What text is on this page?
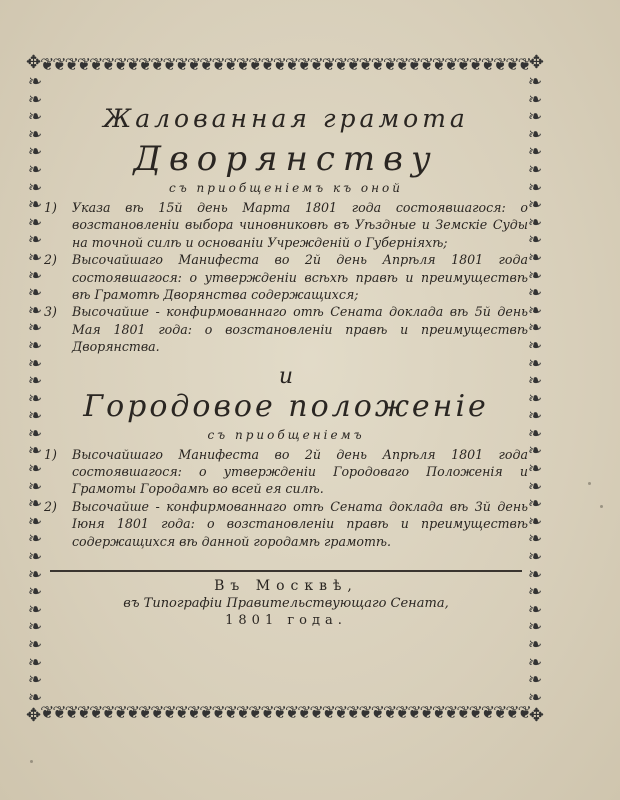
❦❦❦❦❦❦❦❦❦❦❦❦❦❦❦❦❦❦❦❦❦❦❦❦❦❦❦❦❦❦❦❦❦❦❦❦❦❦❦❦
❦❦❦❦❦❦❦❦❦❦❦❦❦❦❦❦❦❦❦❦❦❦❦❦❦❦❦❦❦❦❦❦❦❦❦❦❦❦❦❦
❧
❧
❧
❧
❧
❧
❧
❧
❧
❧
❧
❧
❧
❧
❧
❧
❧
❧
❧
❧
❧
❧
❧
❧
❧
❧
❧
❧
❧
❧
❧
❧
❧
❧
❧
❧

❧
❧
❧
❧
❧
❧
❧
❧
❧
❧
❧
❧
❧
❧
❧
❧
❧
❧
❧
❧
❧
❧
❧
❧
❧
❧
❧
❧
❧
❧
❧
❧
❧
❧
❧
❧

✥	✥
✥	✥
Жалованная грамота
Дворянству
съ приобщеніемъ къ оной
1)	Указа вѣ 15й день Марта 1801 года состоявшагося: о возстановленіи выбора чиновниковѣ въ Уѣздные и Земскіе Суды на точной силѣ и основаніи Учрежденій о Губерніяхѣ;
2)	Высочайшаго Манифеста во 2й день Апрѣля 1801 года состоявшагося: о утвержденіи всѣхѣ правѣ и преимуществѣ вѣ Грамотѣ Дворянства содержащихся;
3)	Высочайше - конфирмованнаго отѣ Сената доклада вѣ 5й день Мая 1801 года: о возстановленіи правѣ и преимуществѣ Дворянства.
и
Городовое положеніе
съ приобщеніемъ
1)	Высочайшаго Манифеста во 2й день Апрѣля 1801 года состоявшагося: о утвержденіи Городоваго Положенія и Грамоты Городамѣ во всей ея силѣ.
2)	Высочайше - конфирмованнаго отѣ Сената доклада вѣ 3й день Іюня 1801 года: о возстановленіи правѣ и преимуществѣ содержащихся вѣ данной городамѣ грамотѣ.
Въ Москвѣ,
въ Типографіи Правительствующаго Сената,
1801 года.
